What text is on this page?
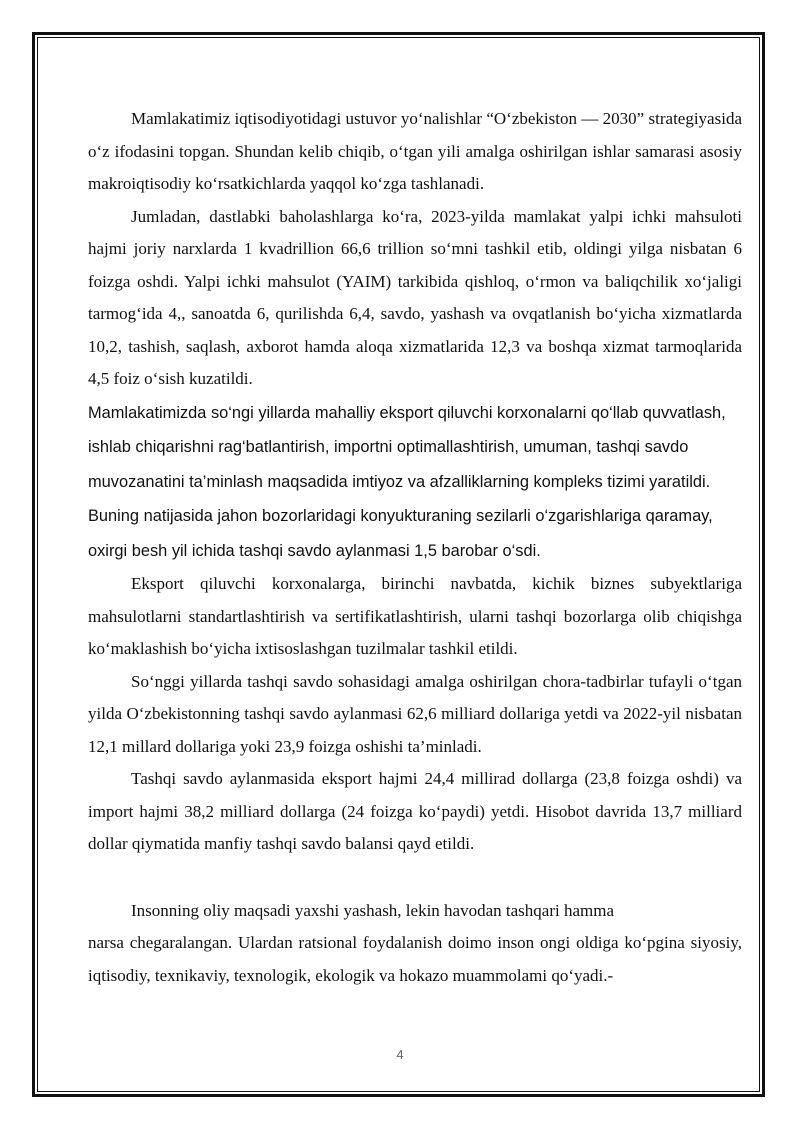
Mamlakatimiz iqtisodiyotidagi ustuvor yo‘nalishlar “O‘zbekiston — 2030” strategiyasida o‘z ifodasini topgan. Shundan kelib chiqib, o‘tgan yili amalga oshirilgan ishlar samarasi asosiy makroiqtisodiy ko‘rsatkichlarda yaqqol ko‘zga tashlanadi.

Jumladan, dastlabki baholashlarga ko‘ra, 2023-yilda mamlakat yalpi ichki mahsuloti hajmi joriy narxlarda 1 kvadrillion 66,6 trillion so‘mni tashkil etib, oldingi yilga nisbatan 6 foizga oshdi. Yalpi ichki mahsulot (YAIM) tarkibida qishloq, o‘rmon va baliqchilik xo‘jaligi tarmog‘ida 4,, sanoatda 6, qurilishda 6,4, savdo, yashash va ovqatlanish bo‘yicha xizmatlarda 10,2, tashish, saqlash, axborot hamda aloqa xizmatlarida 12,3 va boshqa xizmat tarmoqlarida 4,5 foiz o‘sish kuzatildi.

Mamlakatimizda so‘ngi yillarda mahalliy eksport qiluvchi korxonalarni qo‘llab quvvatlash, ishlab chiqarishni rag‘batlantirish, importni optimallashtirish, umuman, tashqi savdo muvozanatini ta’minlash maqsadida imtiyoz va afzalliklarning kompleks tizimi yaratildi. Buning natijasida jahon bozorlaridagi konyukturaning sezilarli o‘zgarishlariga qaramay, oxirgi besh yil ichida tashqi savdo aylanmasi 1,5 barobar o‘sdi.

Eksport qiluvchi korxonalarga, birinchi navbatda, kichik biznes subyektlariga mahsulotlarni standartlashtirish va sertifikatlashtirish, ularni tashqi bozorlarga olib chiqishga ko‘maklashish bo‘yicha ixtisoslashgan tuzilmalar tashkil etildi.

So‘nggi yillarda tashqi savdo sohasidagi amalga oshirilgan chora-tadbirlar tufayli o‘tgan yilda O‘zbekistonning tashqi savdo aylanmasi 62,6 milliard dollariga yetdi va 2022-yil nisbatan 12,1 millard dollariga yoki 23,9 foizga oshishi ta’minladi.

Tashqi savdo aylanmasida eksport hajmi 24,4 millirad dollarga (23,8 foizga oshdi) va import hajmi 38,2 milliard dollarga (24 foizga ko‘paydi) yetdi. Hisobot davrida 13,7 milliard dollar qiymatida manfiy tashqi savdo balansi qayd etildi.

Insonning oliy maqsadi yaxshi yashash, lekin havodan tashqari hamma

narsa chegaralangan. Ulardan ratsional foydalanish doimo inson ongi oldiga ko‘pgina siyosiy, iqtisodiy, texnikaviy, texnologik, ekologik va hokazo muammolami qo‘yadi.-

4
